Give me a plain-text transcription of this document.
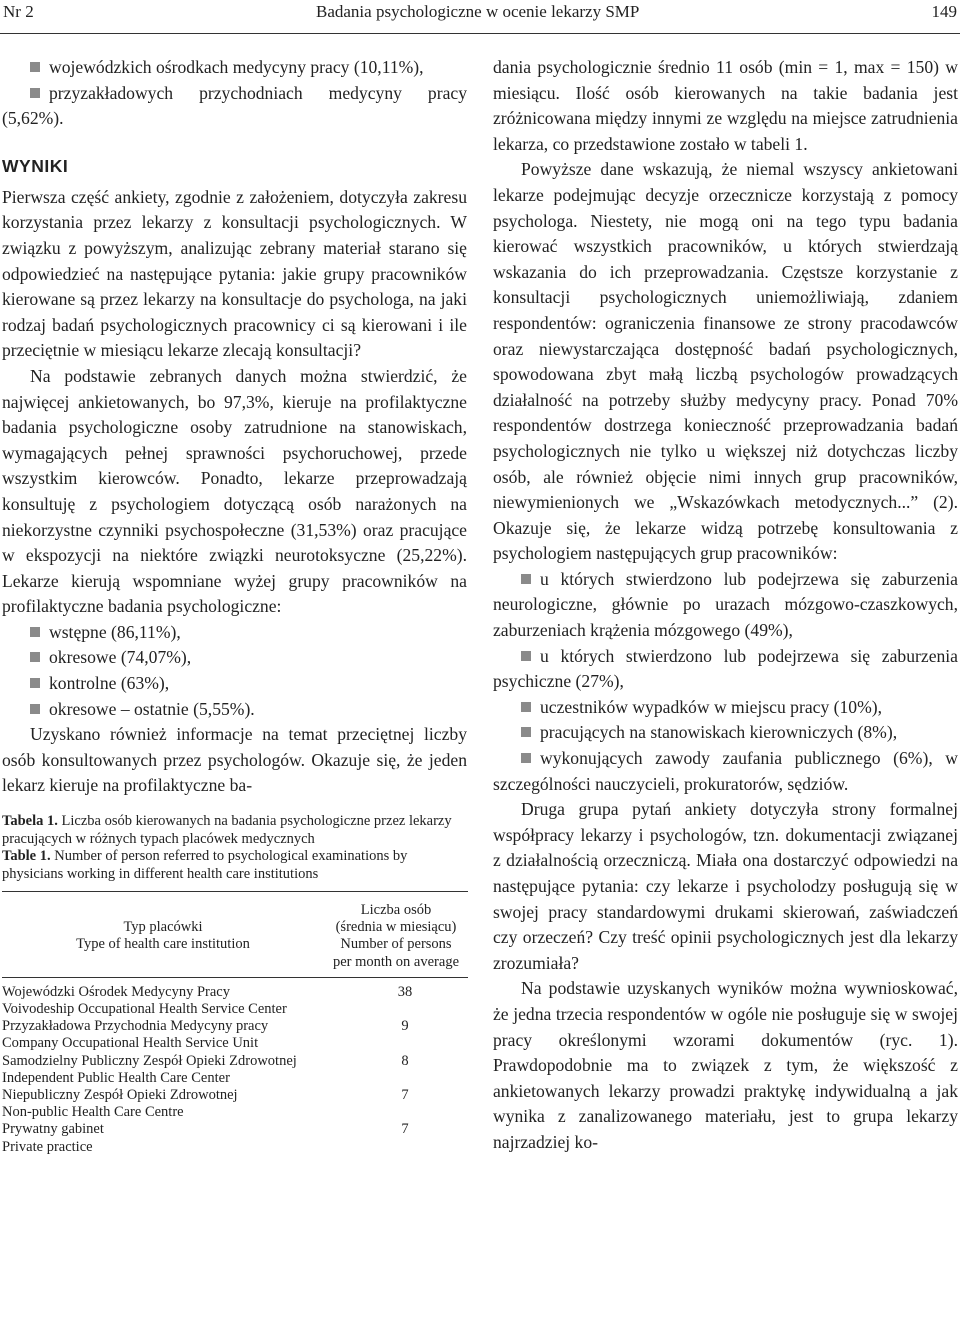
Nr 2	Badania psychologiczne w ocenie lekarzy SMP	149
wojewódzkich ośrodkach medycyny pracy (10,11%),
przyzakładowych przychodniach medycyny pracy (5,62%).
WYNIKI

Pierwsza część ankiety, zgodnie z założeniem, dotyczyła zakresu korzystania przez lekarzy z konsultacji psychologicznych. W związku z powyższym, analizując zebrany materiał starano się odpowiedzieć na następujące pytania: jakie grupy pracowników kierowane są przez lekarzy na konsultacje do psychologa, na jaki rodzaj badań psychologicznych pracownicy ci są kierowani i ile przeciętnie w miesiącu lekarze zlecają konsultacji?

Na podstawie zebranych danych można stwierdzić, że najwięcej ankietowanych, bo 97,3%, kieruje na profilaktyczne badania psychologiczne osoby zatrudnione na stanowiskach, wymagających pełnej sprawności psychoruchowej, przede wszystkim kierowców. Ponadto, lekarze przeprowadzają konsultuję z psychologiem dotyczącą osób narażonych na niekorzystne czynniki psychospołeczne (31,53%) oraz pracujące w ekspozycji na niektóre związki neurotoksyczne (25,22%). Lekarze kierują wspomniane wyżej grupy pracowników na profilaktyczne badania psychologiczne:

wstępne (86,11%),
okresowe (74,07%),
kontrolne (63%),
okresowe – ostatnie (5,55%).

Uzyskano również informacje na temat przeciętnej liczby osób konsultowanych przez psychologów. Okazuje się, że jeden lekarz kieruje na profilaktyczne ba-

Tabela 1. Liczba osób kierowanych na badania psychologiczne przez lekarzy pracujących w różnych typach placówek medycznych
Table 1. Number of person referred to psychological examinations by physicians working in different health care institutions
Typ placówki
Type of health care institution
Liczba osób
(średnia w miesiącu)
Number of persons
per month on average
Wojewódzki Ośrodek Medycyny Pracy
Voivodeship Occupational Health Service Center
38
Przyzakładowa Przychodnia Medycyny pracy
Company Occupational Health Service Unit
9
Samodzielny Publiczny Zespół Opieki Zdrowotnej
Independent Public Health Care Center
8
Niepubliczny Zespół Opieki Zdrowotnej
Non-public Health Care Centre
7
Prywatny gabinet
Private practice
7

dania psychologicznie średnio 11 osób (min = 1, max = 150) w miesiącu. Ilość osób kierowanych na takie badania jest zróżnicowana między innymi ze względu na miejsce zatrudnienia lekarza, co przedstawione zostało w tabeli 1.

Powyższe dane wskazują, że niemal wszyscy ankietowani lekarze podejmując decyzje orzecznicze korzystają z pomocy psychologa. Niestety, nie mogą oni na tego typu badania kierować wszystkich pracowników, u których stwierdzają wskazania do ich przeprowadzania. Częstsze korzystanie z konsultacji psychologicznych uniemożliwiają, zdaniem respondentów: ograniczenia finansowe ze strony pracodawców oraz niewystarczająca dostępność badań psychologicznych, spowodowana zbyt małą liczbą psychologów prowadzących działalność na potrzeby służby medycyny pracy. Ponad 70% respondentów dostrzega konieczność przeprowadzania badań psychologicznych nie tylko u większej niż dotychczas liczby osób, ale również objęcie nimi innych grup pracowników, niewymienionych we „Wskazówkach metodycznych...” (2). Okazuje się, że lekarze widzą potrzebę konsultowania z psychologiem następujących grup pracowników:

u których stwierdzono lub podejrzewa się zaburzenia neurologiczne, głównie po urazach mózgowo-czaszkowych, zaburzeniach krążenia mózgowego (49%),
u których stwierdzono lub podejrzewa się zaburzenia psychiczne (27%),
uczestników wypadków w miejscu pracy (10%),
pracujących na stanowiskach kierowniczych (8%),
wykonujących zawody zaufania publicznego (6%), w szczególności nauczycieli, prokuratorów, sędziów.

Druga grupa pytań ankiety dotyczyła strony formalnej współpracy lekarzy i psychologów, tzn. dokumentacji związanej z działalnością orzeczniczą. Miała ona dostarczyć odpowiedzi na następujące pytania: czy lekarze i psycholodzy posługują się w swojej pracy standardowymi drukami skierowań, zaświadczeń czy orzeczeń? Czy treść opinii psychologicznych jest dla lekarzy zrozumiała?

Na podstawie uzyskanych wyników można wywnioskować, że jedna trzecia respondentów w ogóle nie posługuje się w swojej pracy określonymi wzorami dokumentów (ryc. 1). Prawdopodobnie ma to związek z tym, że większość z ankietowanych lekarzy prowadzi praktykę indywidualną a jak wynika z zanalizowanego materiału, jest to grupa lekarzy najrzadziej ko-
